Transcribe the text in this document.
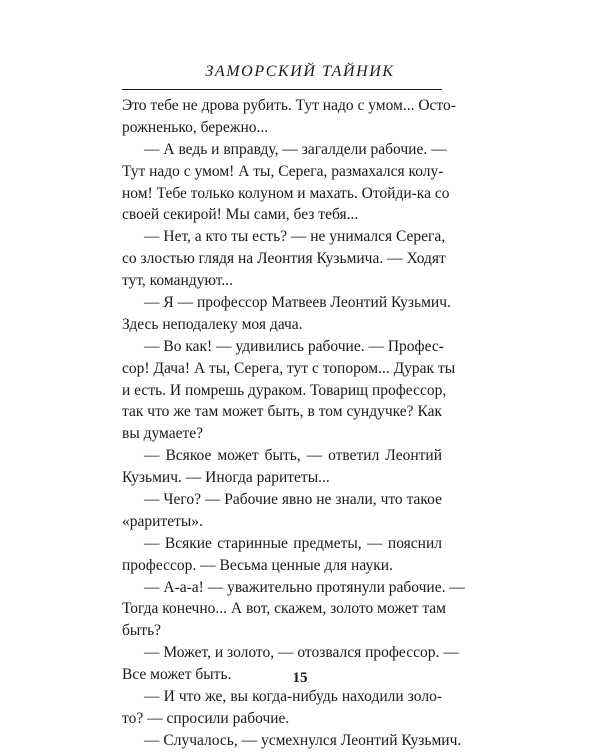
ЗАМОРСКИЙ ТАЙНИК
Это тебе не дрова рубить. Тут надо с умом... Осто-
рожненько, бережно...
— А ведь и вправду, — загалдели рабочие. —
Тут надо с умом! А ты, Серега, размахался колу-
ном! Тебе только колуном и махать. Отойди-ка со
своей секирой! Мы сами, без тебя...
— Нет, а кто ты есть? — не унимался Серега,
со злостью глядя на Леонтия Кузьмича. — Ходят
тут, командуют...
— Я — профессор Матвеев Леонтий Кузьмич.
Здесь неподалеку моя дача.
— Во как! — удивились рабочие. — Профес-
сор! Дача! А ты, Серега, тут с топором... Дурак ты
и есть. И помрешь дураком. Товарищ профессор,
так что же там может быть, в том сундучке? Как
вы думаете?
— Всякое может быть, — ответил Леонтий
Кузьмич. — Иногда раритеты...
— Чего? — Рабочие явно не знали, что такое
«раритеты».
— Всякие старинные предметы, — пояснил
профессор. — Весьма ценные для науки.
— А-а-а! — уважительно протянули рабочие. —
Тогда конечно... А вот, скажем, золото может там
быть?
— Может, и золото, — отозвался профессор. —
Все может быть.
— И что же, вы когда-нибудь находили золо-
то? — спросили рабочие.
— Случалось, — усмехнулся Леонтий Кузьмич.
15
